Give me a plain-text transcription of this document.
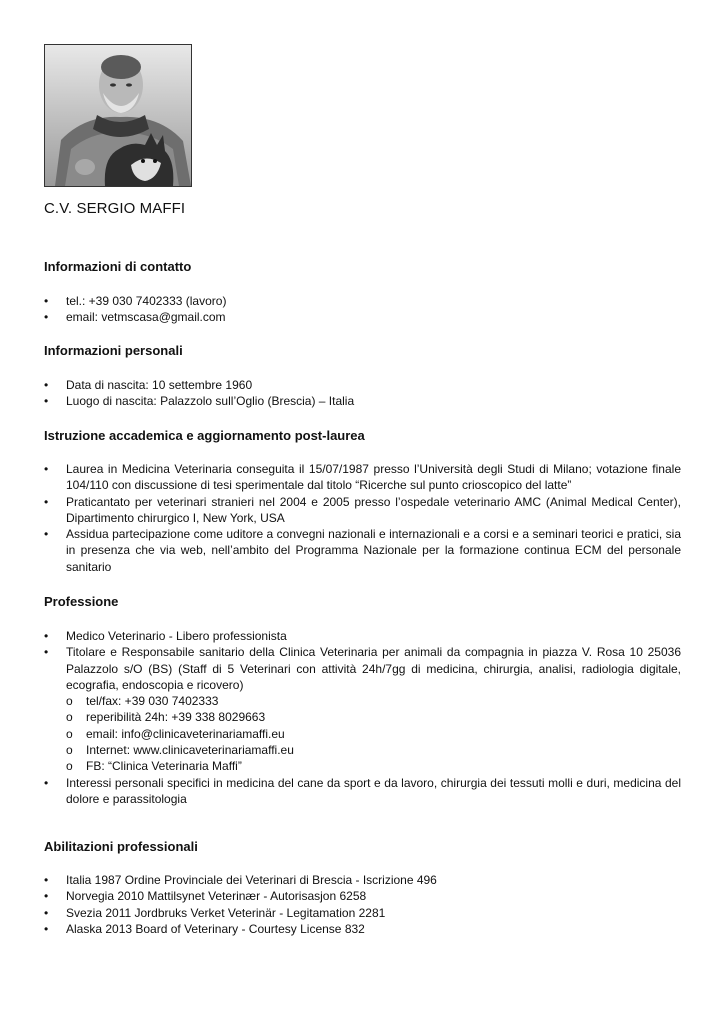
C.V. SERGIO MAFFI
Informazioni di contatto
•	tel.: +39 030 7402333 (lavoro)
•	email: vetmscasa@gmail.com
Informazioni personali
•	Data di nascita: 10 settembre 1960
•	Luogo di nascita: Palazzolo sull’Oglio (Brescia) – Italia
Istruzione accademica e aggiornamento post-laurea
•	Laurea in Medicina Veterinaria conseguita il 15/07/1987 presso l’Università degli Studi di Milano; votazione finale 104/110 con discussione di tesi sperimentale dal titolo “Ricerche sul punto crioscopico del latte”
•	Praticantato per veterinari stranieri nel 2004 e 2005 presso l’ospedale veterinario AMC (Animal Medical Center), Dipartimento chirurgico I, New York, USA
•	Assidua partecipazione come uditore a convegni nazionali e internazionali e a corsi e a seminari teorici e pratici, sia in presenza che via web, nell’ambito del Programma Nazionale per la formazione continua ECM del personale sanitario
Professione
•	Medico Veterinario - Libero professionista
•	Titolare e Responsabile sanitario della Clinica Veterinaria per animali da compagnia in piazza V. Rosa 10 25036 Palazzolo s/O (BS) (Staff di 5 Veterinari con attività 24h/7gg di medicina, chirurgia, analisi, radiologia digitale, ecografia, endoscopia e ricovero)
o tel/fax: +39 030 7402333
o reperibilità 24h: +39 338 8029663
o email: info@clinicaveterinariamaffi.eu
o Internet: www.clinicaveterinariamaffi.eu
o FB: “Clinica Veterinaria Maffi”
•	Interessi personali specifici in medicina del cane da sport e da lavoro, chirurgia dei tessuti molli e duri, medicina del dolore e parassitologia
Abilitazioni professionali
•	Italia 1987 Ordine Provinciale dei Veterinari di Brescia - Iscrizione 496
•	Norvegia 2010 Mattilsynet Veterinær - Autorisasjon 6258
•	Svezia 2011 Jordbruks Verket Veterinär - Legitamation 2281
•	Alaska 2013 Board of Veterinary - Courtesy License 832
